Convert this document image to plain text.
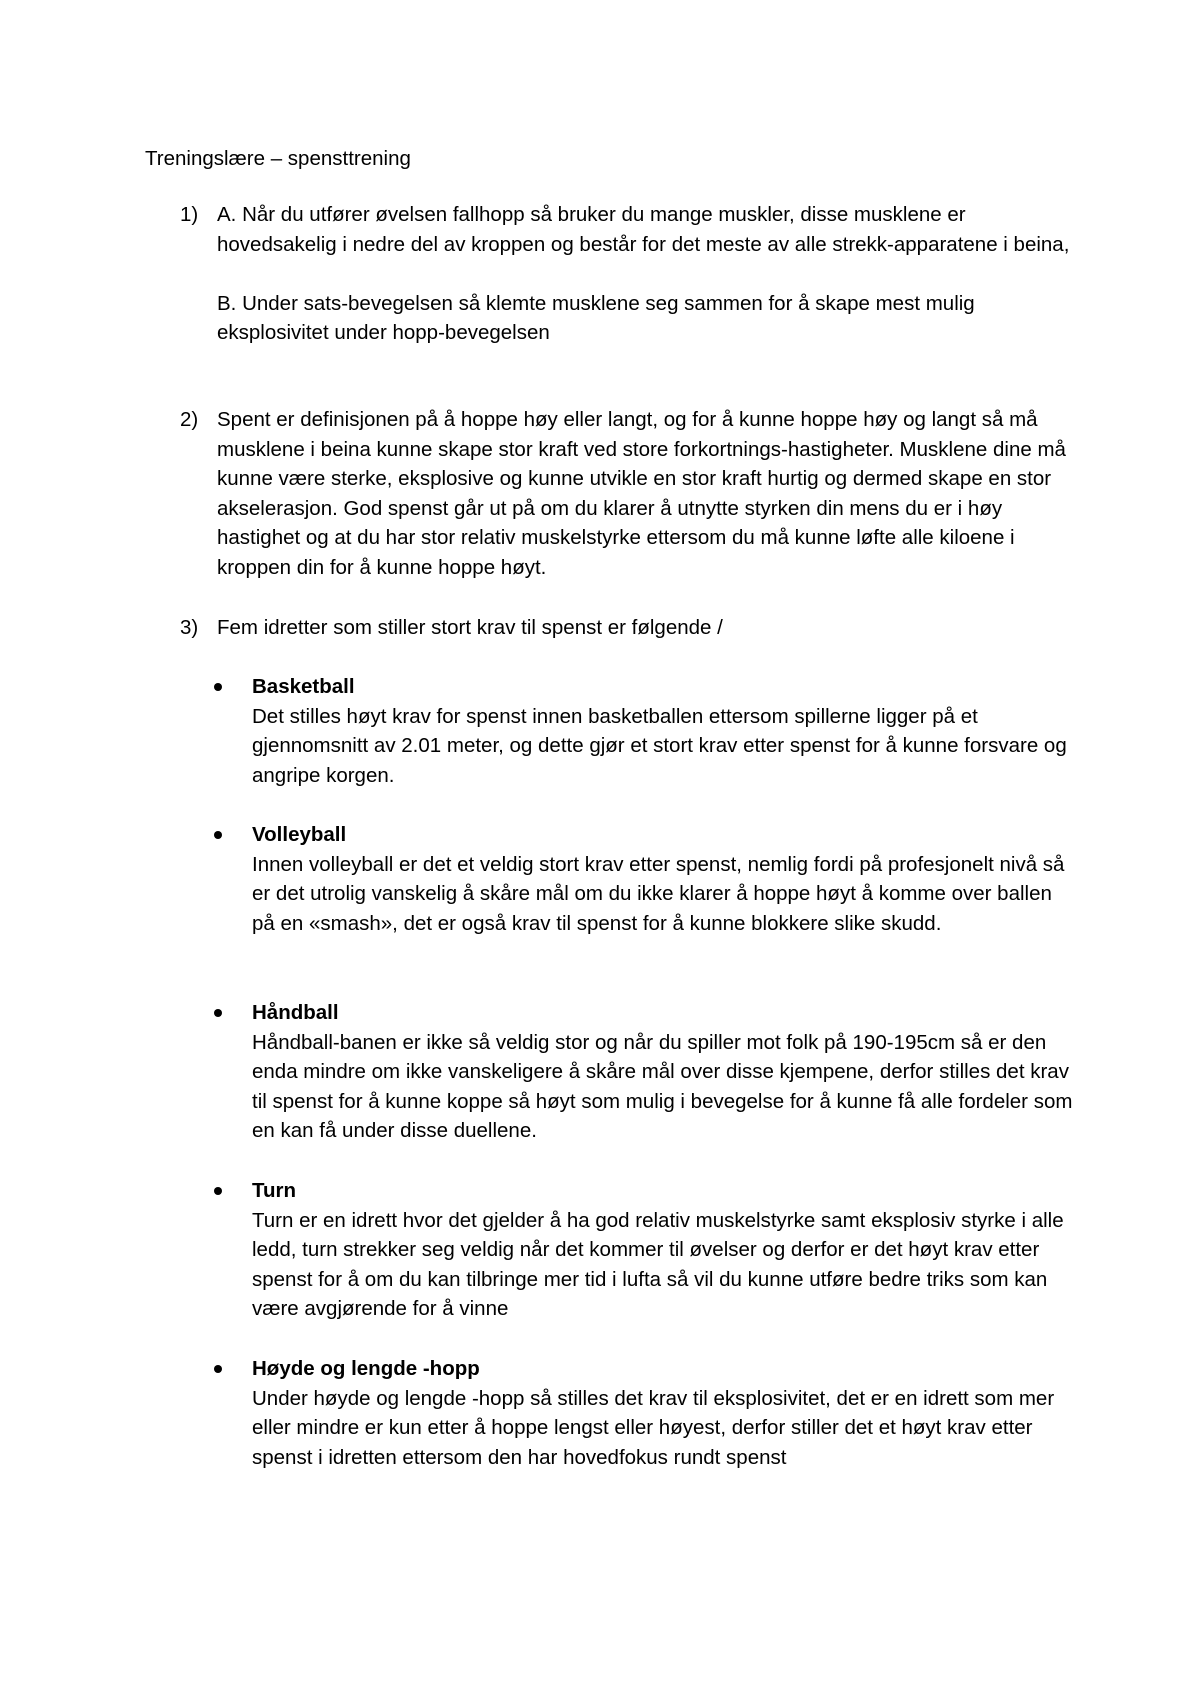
Treningslære – spensttrening
1) A. Når du utfører øvelsen fallhopp så bruker du mange muskler, disse musklene er hovedsakelig i nedre del av kroppen og består for det meste av alle strekk-apparatene i beina,

B. Under sats-bevegelsen så klemte musklene seg sammen for å skape mest mulig eksplosivitet under hopp-bevegelsen

2) Spent er definisjonen på å hoppe høy eller langt, og for å kunne hoppe høy og langt så må musklene i beina kunne skape stor kraft ved store forkortnings-hastigheter. Musklene dine må kunne være sterke, eksplosive og kunne utvikle en stor kraft hurtig og dermed skape en stor akselerasjon. God spenst går ut på om du klarer å utnytte styrken din mens du er i høy hastighet og at du har stor relativ muskelstyrke ettersom du må kunne løfte alle kiloene i kroppen din for å kunne hoppe høyt.

3) Fem idretter som stiller stort krav til spenst er følgende /

Basketball

Det stilles høyt krav for spenst innen basketballen ettersom spillerne ligger på et gjennomsnitt av 2.01 meter, og dette gjør et stort krav etter spenst for å kunne forsvare og angripe korgen.

Volleyball

Innen volleyball er det et veldig stort krav etter spenst, nemlig fordi på profesjonelt nivå så er det utrolig vanskelig å skåre mål om du ikke klarer å hoppe høyt å komme over ballen på en «smash», det er også krav til spenst for å kunne blokkere slike skudd.

Håndball

Håndball-banen er ikke så veldig stor og når du spiller mot folk på 190-195cm så er den enda mindre om ikke vanskeligere å skåre mål over disse kjempene, derfor stilles det krav til spenst for å kunne koppe så høyt som mulig i bevegelse for å kunne få alle fordeler som en kan få under disse duellene.

Turn

Turn er en idrett hvor det gjelder å ha god relativ muskelstyrke samt eksplosiv styrke i alle ledd, turn strekker seg veldig når det kommer til øvelser og derfor er det høyt krav etter spenst for å om du kan tilbringe mer tid i lufta så vil du kunne utføre bedre triks som kan være avgjørende for å vinne

Høyde og lengde -hopp

Under høyde og lengde -hopp så stilles det krav til eksplosivitet, det er en idrett som mer eller mindre er kun etter å hoppe lengst eller høyest, derfor stiller det et høyt krav etter spenst i idretten ettersom den har hovedfokus rundt spenst
